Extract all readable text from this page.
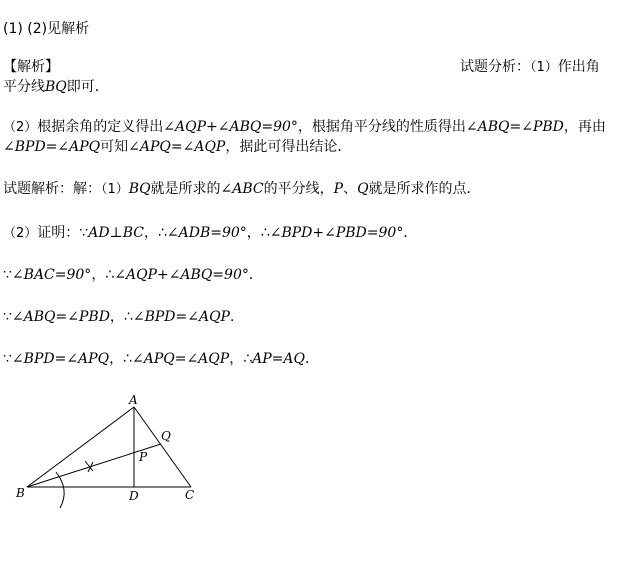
(1) (2)见解析
【解析】	试题分析：（1）作出角
平分线BQ即可．
（2）根据余角的定义得出∠AQP+∠ABQ=90°，根据角平分线的性质得出∠ABQ=∠PBD，再由
∠BPD=∠APQ可知∠APQ=∠AQP，据此可得出结论．
试题解析：解：（1）BQ就是所求的∠ABC的平分线，P、Q就是所求作的点．
（2）证明：∵AD⊥BC，∴∠ADB=90°，∴∠BPD+∠PBD=90°．
∵∠BAC=90°，∴∠AQP+∠ABQ=90°．
∵∠ABQ=∠PBD，∴∠BPD=∠AQP．
∵∠BPD=∠APQ，∴∠APQ=∠AQP，∴AP=AQ．
A
Q
P
B	D	C
